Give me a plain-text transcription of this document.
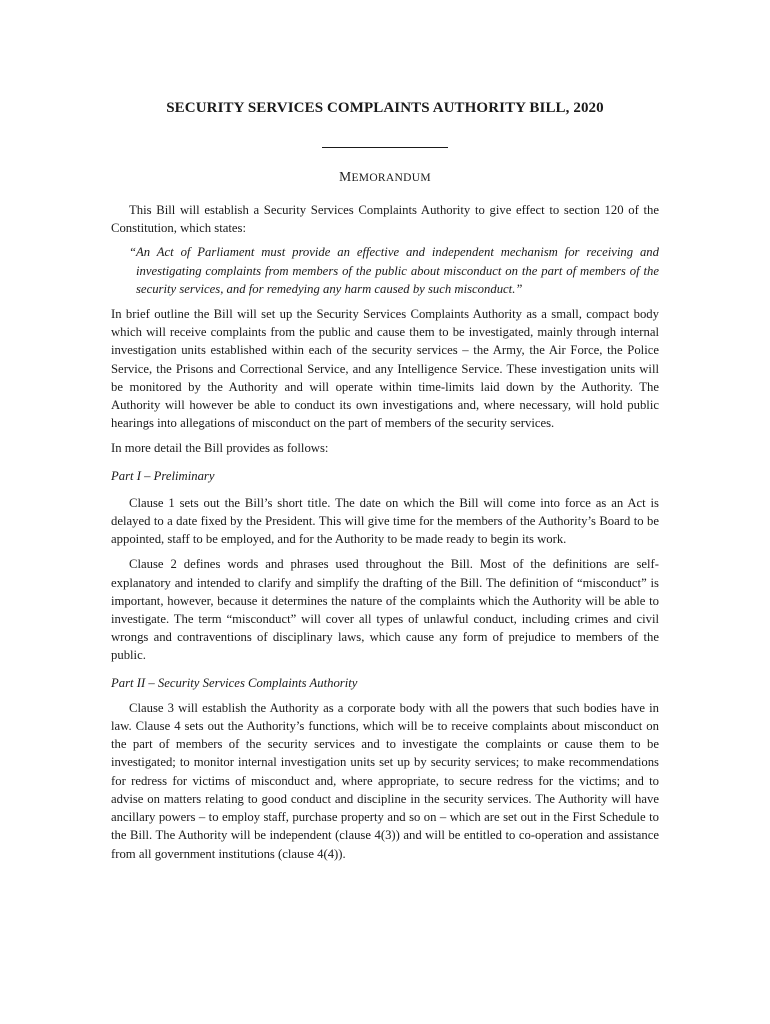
SECURITY SERVICES COMPLAINTS AUTHORITY BILL, 2020
MEMORANDUM

This Bill will establish a Security Services Complaints Authority to give effect to section 120 of the Constitution, which states:

“An Act of Parliament must provide an effective and independent mechanism for receiving and investigating complaints from members of the public about misconduct on the part of members of the security services, and for remedying any harm caused by such misconduct.”

In brief outline the Bill will set up the Security Services Complaints Authority as a small, compact body which will receive complaints from the public and cause them to be investigated, mainly through internal investigation units established within each of the security services – the Army, the Air Force, the Police Service, the Prisons and Correctional Service, and any Intelligence Service. These investigation units will be monitored by the Authority and will operate within time-limits laid down by the Authority. The Authority will however be able to conduct its own investigations and, where necessary, will hold public hearings into allegations of misconduct on the part of members of the security services.

In more detail the Bill provides as follows:

Part I – Preliminary

Clause 1 sets out the Bill’s short title. The date on which the Bill will come into force as an Act is delayed to a date fixed by the President. This will give time for the members of the Authority’s Board to be appointed, staff to be employed, and for the Authority to be made ready to begin its work.

Clause 2 defines words and phrases used throughout the Bill. Most of the definitions are self-explanatory and intended to clarify and simplify the drafting of the Bill. The definition of “misconduct” is important, however, because it determines the nature of the complaints which the Authority will be able to investigate. The term “misconduct” will cover all types of unlawful conduct, including crimes and civil wrongs and contraventions of disciplinary laws, which cause any form of prejudice to members of the public.

Part II – Security Services Complaints Authority

Clause 3 will establish the Authority as a corporate body with all the powers that such bodies have in law. Clause 4 sets out the Authority’s functions, which will be to receive complaints about misconduct on the part of members of the security services and to investigate the complaints or cause them to be investigated; to monitor internal investigation units set up by security services; to make recommendations for redress for victims of misconduct and, where appropriate, to secure redress for the victims; and to advise on matters relating to good conduct and discipline in the security services. The Authority will have ancillary powers – to employ staff, purchase property and so on – which are set out in the First Schedule to the Bill. The Authority will be independent (clause 4(3)) and will be entitled to co-operation and assistance from all government institutions (clause 4(4)).
